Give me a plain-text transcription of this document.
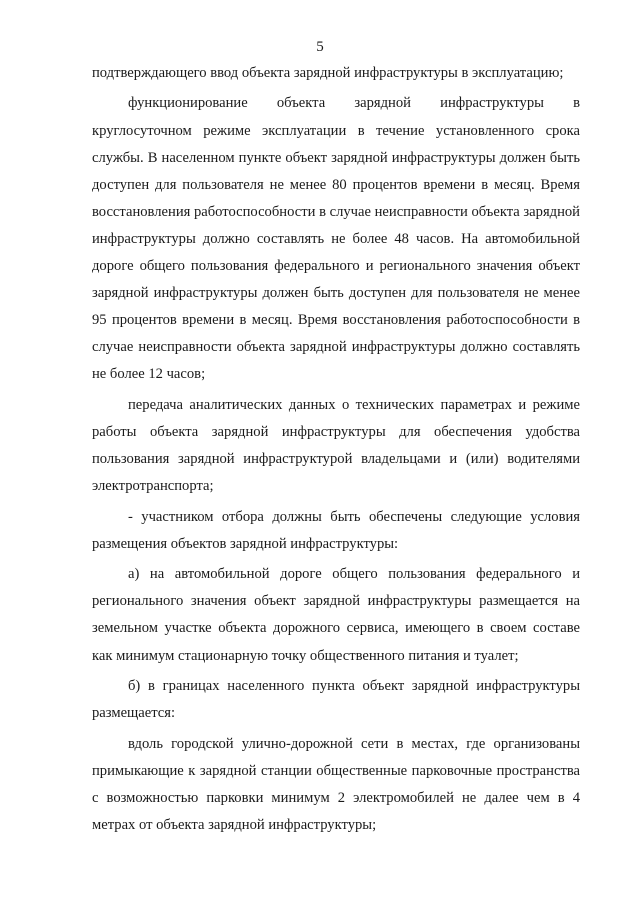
5

подтверждающего ввод объекта зарядной инфраструктуры в эксплуатацию;

функционирование объекта зарядной инфраструктуры в круглосуточном режиме эксплуатации в течение установленного срока службы. В населенном пункте объект зарядной инфраструктуры должен быть доступен для пользователя не менее 80 процентов времени в месяц. Время восстановления работоспособности в случае неисправности объекта зарядной инфраструктуры должно составлять не более 48 часов. На автомобильной дороге общего пользования федерального и регионального значения объект зарядной инфраструктуры должен быть доступен для пользователя не менее 95 процентов времени в месяц. Время восстановления работоспособности в случае неисправности объекта зарядной инфраструктуры должно составлять не более 12 часов;

передача аналитических данных о технических параметрах и режиме работы объекта зарядной инфраструктуры для обеспечения удобства пользования зарядной инфраструктурой владельцами и (или) водителями электротранспорта;

- участником отбора должны быть обеспечены следующие условия размещения объектов зарядной инфраструктуры:

а) на автомобильной дороге общего пользования федерального и регионального значения объект зарядной инфраструктуры размещается на земельном участке объекта дорожного сервиса, имеющего в своем составе как минимум стационарную точку общественного питания и туалет;

б) в границах населенного пункта объект зарядной инфраструктуры размещается:

вдоль городской улично-дорожной сети в местах, где организованы примыкающие к зарядной станции общественные парковочные пространства с возможностью парковки минимум 2 электромобилей не далее чем в 4 метрах от объекта зарядной инфраструктуры;
